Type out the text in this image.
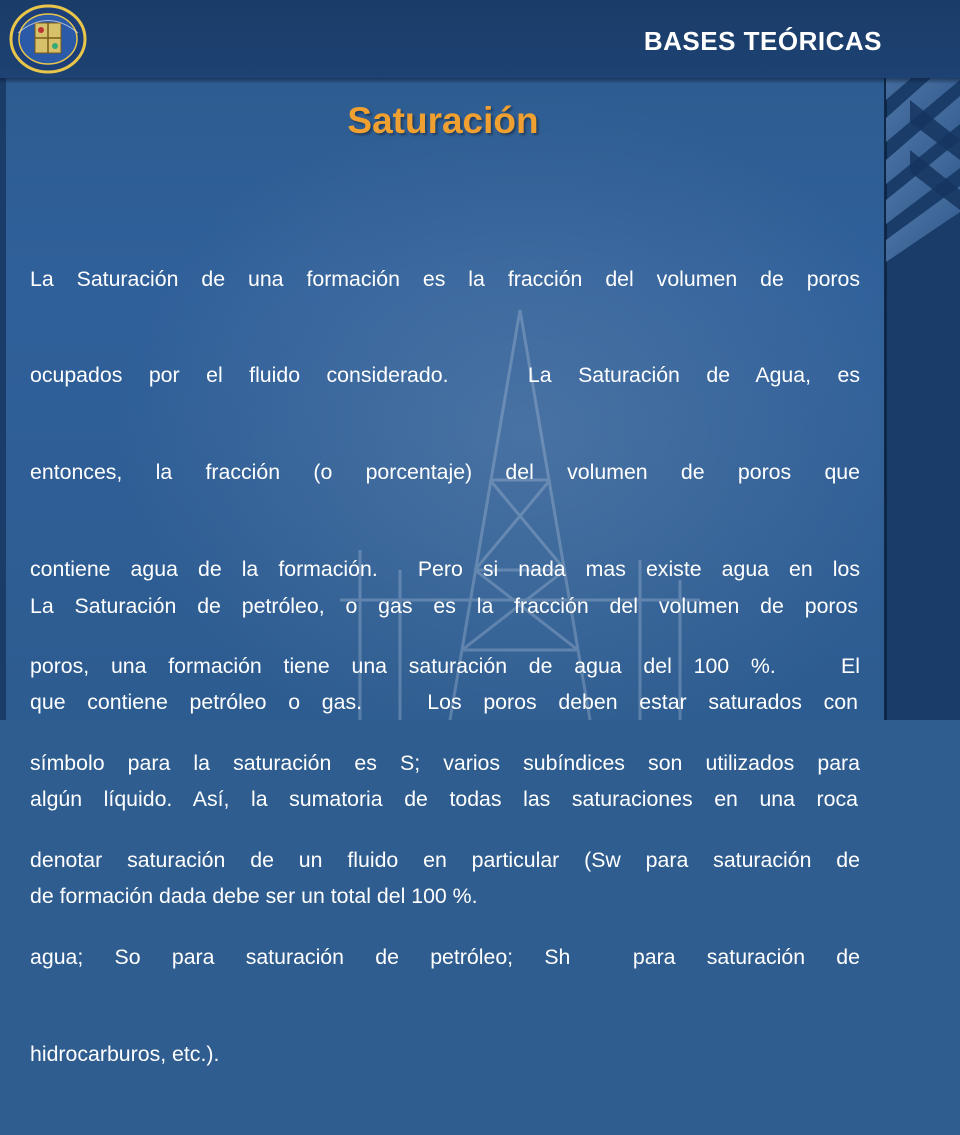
BASES TEÓRICAS
Saturación

La Saturación de una formación es la fracción del volumen de poros

ocupados por el fluido considerado.   La Saturación de Agua, es

entonces, la fracción (o porcentaje) del volumen de poros que

contiene agua de la formación.  Pero si nada mas existe agua en los

poros, una formación tiene una saturación de agua del 100 %.   El

símbolo para la saturación es S; varios subíndices son utilizados para

denotar saturación de un fluido en particular (Sw para saturación de

agua; So para saturación de petróleo; Sh  para saturación de

hidrocarburos, etc.).

La Saturación de petróleo, o gas es la fracción del volumen de poros

que contiene petróleo o gas.   Los poros deben estar saturados con

algún líquido. Así, la sumatoria de todas las saturaciones en una roca

de formación dada debe ser un total del 100 %.
